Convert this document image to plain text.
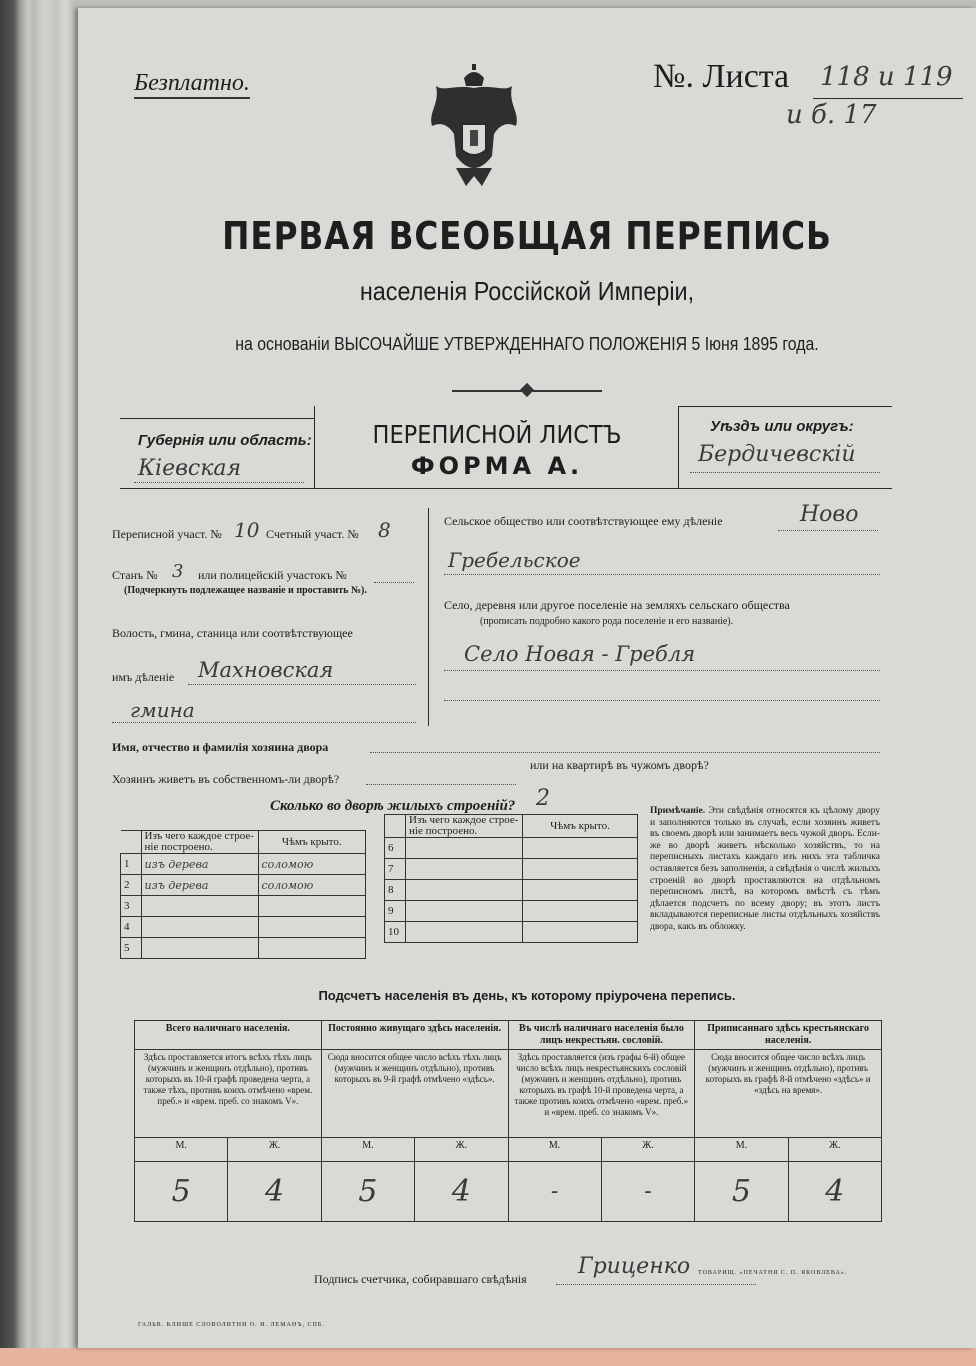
Безплатно.	№. Листа 118 и 119
и б. 17
ПЕРВАЯ ВСЕОБЩАЯ ПЕРЕПИСЬ
населенія Россійской Имперіи,
на основаніи ВЫСОЧАЙШЕ УТВЕРЖДЕННАГО ПОЛОЖЕНІЯ 5 Іюня 1895 года.
Губернія или область:
Кіевская
ПЕРЕПИСНОЙ ЛИСТЪ
ФОРМА А.
Уѣздъ или округъ:
Бердичевскій
Переписной участ. № 10 Счетный участ. № 8
Станъ № 3 или полицейскій участокъ №
(Подчеркнуть подлежащее названіе и проставить №).
Волость, гмина, станица или соотвѣтствующее
имъ дѣленіе Махновская
гмина
Сельское общество или соотвѣтствующее ему дѣленіе	Ново
Гребельское
Село, деревня или другое поселеніе на земляхъ сельскаго общества
(прописать подробно какого рода поселеніе и его названіе).
Село Новая - Гребля
Имя, отчество и фамилія хозяина двора
Хозяинъ живетъ въ собственномъ-ли дворѣ?
или на квартирѣ въ чужомъ дворѣ?
Сколько во дворѣ жилыхъ строеній? 2
	Изъ чего каждое строе-ніе построено.	Чѣмъ крыто.
1	изъ дерева	соломою
2	изъ дерева	соломою
3		
4		
5		
	Изъ чего каждое строе-ніе построено.	Чѣмъ крыто.
6		
7		
8		
9		
10		
Примѣчаніе. Эти свѣдѣнія относятся къ цѣлому двору и заполняются только въ случаѣ, если хозяинъ живетъ въ своемъ дворѣ или занимаетъ весь чужой дворъ. Если-же во дворѣ живетъ нѣсколько хозяйствъ, то на переписныхъ листахъ каждаго изъ нихъ эта табличка оставляется безъ заполненія, а свѣдѣнія о числѣ жилыхъ строеній во дворѣ проставляются на отдѣльномъ переписномъ листѣ, на которомъ вмѣстѣ съ тѣмъ дѣлается подсчетъ по всему двору; въ этотъ листъ вкладываются переписные листы отдѣльныхъ хозяйствъ двора, какъ въ обложку.
Подсчетъ населенія въ день, къ которому пріурочена перепись.
Всего наличнаго населенія.		Постоянно живущаго здѣсь населенія.		Въ числѣ наличнаго населенія было лицъ некрестьян. сословій.		Приписаннаго здѣсь крестьянскаго населенія.	
Здѣсь проставляется итогъ всѣхъ тѣхъ лицъ (мужчинъ и женщинъ отдѣльно), противъ которыхъ въ 10-й графѣ проведена черта, а также тѣхъ, противъ коихъ отмѣчено «врем. преб.» и «врем. преб. со знакомъ V».		Сюда вносится общее число всѣхъ тѣхъ лицъ (мужчинъ и женщинъ отдѣльно), противъ которыхъ въ 9-й графѣ отмѣчено «здѣсь».		Здѣсь проставляется (изъ графы 6-й) общее число всѣхъ лицъ некрестьянскихъ сословій (мужчинъ и женщинъ отдѣльно), противъ которыхъ въ графѣ 10-й проведена черта, а также противъ коихъ отмѣчено «врем. преб.» и «врем. преб. со знакомъ V».		Сюда вносится общее число всѣхъ лицъ (мужчинъ и женщинъ отдѣльно), противъ которыхъ въ графѣ 8-й отмѣчено «здѣсь» и «здѣсь на время».	
М.	Ж.	М.	Ж.	М.	Ж.	М.	Ж.
5	4	5	4	-	-	5	4
Подпись счетчика, собиравшаго свѣдѣнія Гриценко
ГАЛЬВ. КЛИШЕ СЛОВОЛИТНИ О. И. ЛЕМАНЪ, СПБ.
ТОВАРИЩ. «ПЕЧАТНЯ С. П. ЯКОВЛЕВА».
